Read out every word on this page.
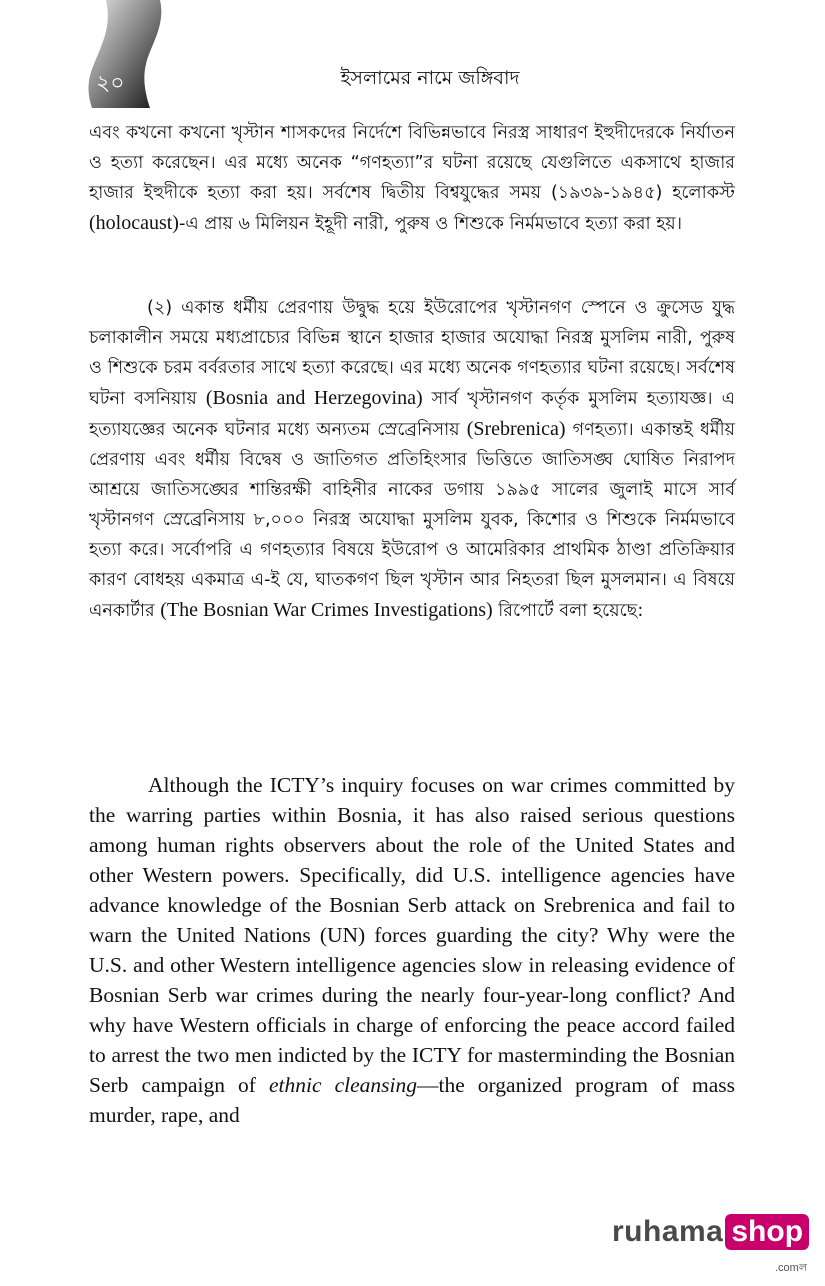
২০	ইসলামের নামে জঙ্গিবাদ

এবং কখনো কখনো খৃস্টান শাসকদের নির্দেশে বিভিন্নভাবে নিরস্ত্র সাধারণ ইহুদীদেরকে নির্যাতন ও হত্যা করেছেন। এর মধ্যে অনেক “গণহত্যা”র ঘটনা রয়েছে যেগুলিতে একসাথে হাজার হাজার ইহুদীকে হত্যা করা হয়। সর্বশেষ দ্বিতীয় বিশ্বযুদ্ধের সময় (১৯৩৯-১৯৪৫) হলোকস্ট (holocaust)-এ প্রায় ৬ মিলিয়ন ইহূদী নারী, পুরুষ ও শিশুকে নির্মমভাবে হত্যা করা হয়।

(২) একান্ত ধর্মীয় প্রেরণায় উদ্বুদ্ধ হয়ে ইউরোপের খৃস্টানগণ স্পেনে ও ক্রুসেড যুদ্ধ চলাকালীন সময়ে মধ্যপ্রাচ্যের বিভিন্ন স্থানে হাজার হাজার অযোদ্ধা নিরস্ত্র মুসলিম নারী, পুরুষ ও শিশুকে চরম বর্বরতার সাথে হত্যা করেছে। এর মধ্যে অনেক গণহত্যার ঘটনা রয়েছে। সর্বশেষ ঘটনা বসনিয়ায় (Bosnia and Herzegovina) সার্ব খৃস্টানগণ কর্তৃক মুসলিম হত্যাযজ্ঞ। এ হত্যাযজ্ঞের অনেক ঘটনার মধ্যে অন্যতম স্রেব্রেনিসায় (Srebrenica) গণহত্যা। একান্তই ধর্মীয় প্রেরণায় এবং ধর্মীয় বিদ্বেষ ও জাতিগত প্রতিহিংসার ভিত্তিতে জাতিসঙ্ঘ ঘোষিত নিরাপদ আশ্রয়ে জাতিসঙ্ঘের শান্তিরক্ষী বাহিনীর নাকের ডগায় ১৯৯৫ সালের জুলাই মাসে সার্ব খৃস্টানগণ স্রেব্রেনিসায় ৮,০০০ নিরস্ত্র অযোদ্ধা মুসলিম যুবক, কিশোর ও শিশুকে নির্মমভাবে হত্যা করে। সর্বোপরি এ গণহত্যার বিষয়ে ইউরোপ ও আমেরিকার প্রাথমিক ঠাণ্ডা প্রতিক্রিয়ার কারণ বোধহয় একমাত্র এ-ই যে, ঘাতকগণ ছিল খৃস্টান আর নিহতরা ছিল মুসলমান। এ বিষয়ে এনকার্টার (The Bosnian War Crimes Investigations) রিপোর্টে বলা হয়েছে:

Although the ICTY’s inquiry focuses on war crimes committed by the warring parties within Bosnia, it has also raised serious questions among human rights observers about the role of the United States and other Western powers. Specifically, did U.S. intelligence agencies have advance knowledge of the Bosnian Serb attack on Srebrenica and fail to warn the United Nations (UN) forces guarding the city? Why were the U.S. and other Western intelligence agencies slow in releasing evidence of Bosnian Serb war crimes during the nearly four-year-long conflict? And why have Western officials in charge of enforcing the peace accord failed to arrest the two men indicted by the ICTY for masterminding the Bosnian Serb campaign of ethnic cleansing—the organized program of mass murder, rape, and

ruhama shop
.comল
